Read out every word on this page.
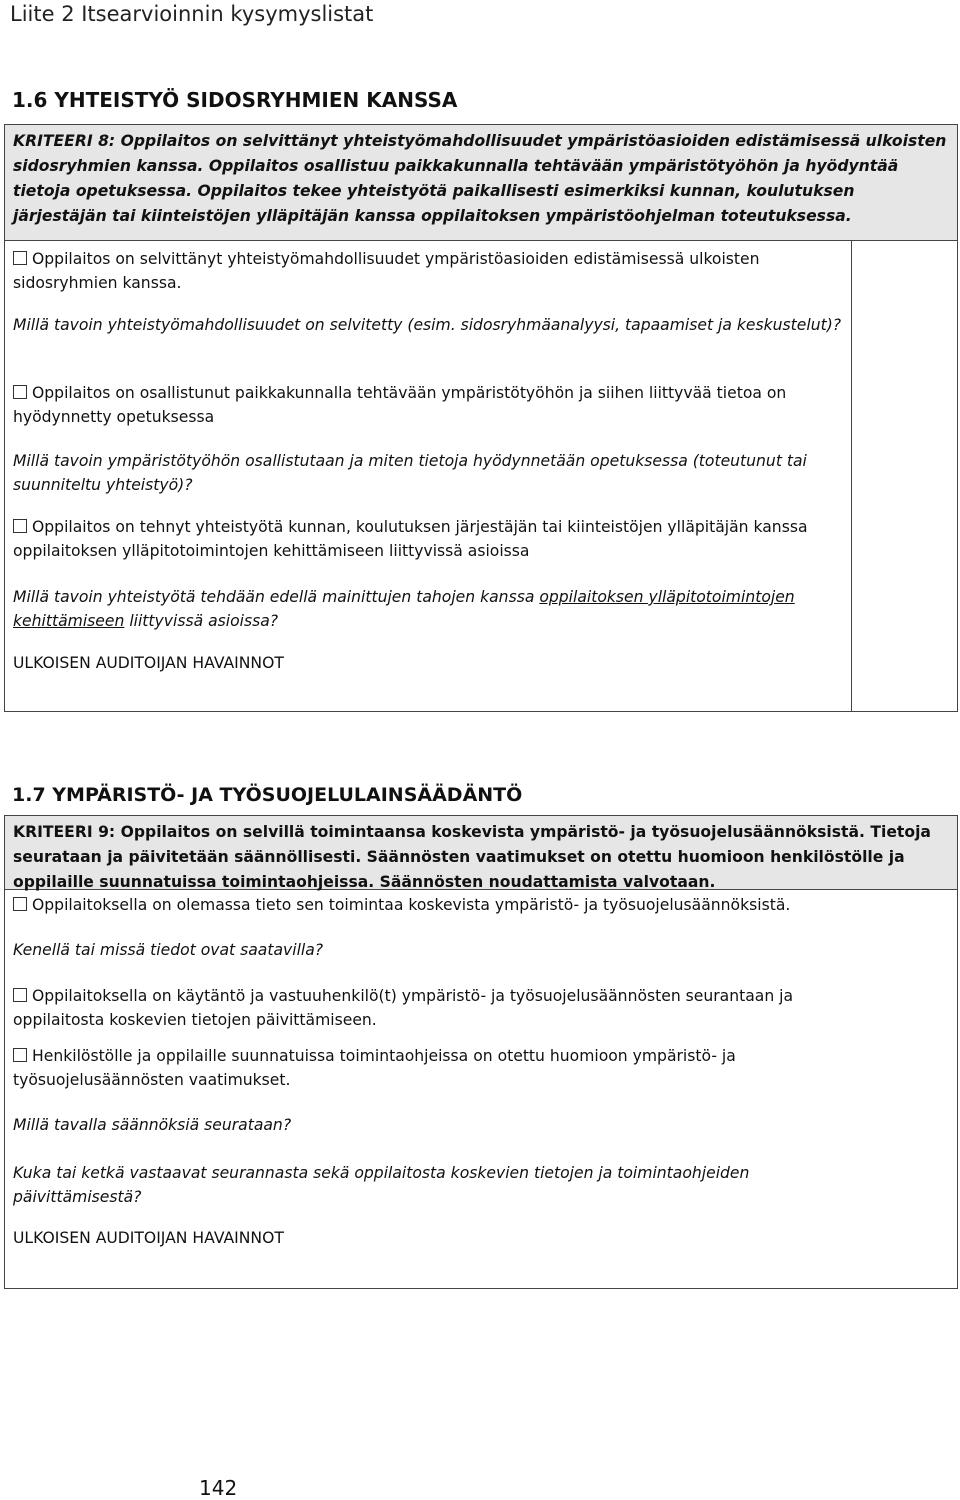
Liite 2 Itsearvioinnin kysymyslistat
1.6 YHTEISTYÖ SIDOSRYHMIEN KANSSA
KRITEERI 8: Oppilaitos on selvittänyt yhteistyömahdollisuudet ympäristöasioiden edistämisessä ulkoisten sidosryhmien kanssa. Oppilaitos osallistuu paikkakunnalla tehtävään ympäristötyöhön ja hyödyntää tietoja opetuksessa. Oppilaitos tekee yhteistyötä paikallisesti esimerkiksi kunnan, koulutuksen järjestäjän tai kiinteistöjen ylläpitäjän kanssa oppilaitoksen ympäristöohjelman toteutuksessa.
Oppilaitos on selvittänyt yhteistyömahdollisuudet ympäristöasioiden edistämisessä ulkoisten sidosryhmien kanssa.
Millä tavoin yhteistyömahdollisuudet on selvitetty (esim. sidosryhmäanalyysi, tapaamiset ja keskustelut)?
Oppilaitos on osallistunut paikkakunnalla tehtävään ympäristötyöhön ja siihen liittyvää tietoa on hyödynnetty opetuksessa
Millä tavoin ympäristötyöhön osallistutaan ja miten tietoja hyödynnetään opetuksessa (toteutunut tai suunniteltu yhteistyö)?
Oppilaitos on tehnyt yhteistyötä kunnan, koulutuksen järjestäjän tai kiinteistöjen ylläpitäjän kanssa oppilaitoksen ylläpitotoimintojen kehittämiseen liittyvissä asioissa
Millä tavoin yhteistyötä tehdään edellä mainittujen tahojen kanssa oppilaitoksen ylläpitotoimintojen kehittämiseen liittyvissä asioissa?
ULKOISEN AUDITOIJAN HAVAINNOT
1.7 YMPÄRISTÖ- JA TYÖSUOJELULAINSÄÄDÄNTÖ
KRITEERI 9: Oppilaitos on selvillä toimintaansa koskevista ympäristö- ja työsuojelusäännöksistä. Tietoja seurataan ja päivitetään säännöllisesti. Säännösten vaatimukset on otettu huomioon henkilöstölle ja oppilaille suunnatuissa toimintaohjeissa. Säännösten noudattamista valvotaan.
Oppilaitoksella on olemassa tieto sen toimintaa koskevista ympäristö- ja työsuojelusäännöksistä.
Kenellä tai missä tiedot ovat saatavilla?
Oppilaitoksella on käytäntö ja vastuuhenkilö(t) ympäristö- ja työsuojelusäännösten seurantaan ja oppilaitosta koskevien tietojen päivittämiseen.
Henkilöstölle ja oppilaille suunnatuissa toimintaohjeissa on otettu huomioon ympäristö- ja työsuojelusäännösten vaatimukset.
Millä tavalla säännöksiä seurataan?
Kuka tai ketkä vastaavat seurannasta sekä oppilaitosta koskevien tietojen ja toimintaohjeiden päivittämisestä?
ULKOISEN AUDITOIJAN HAVAINNOT
142
